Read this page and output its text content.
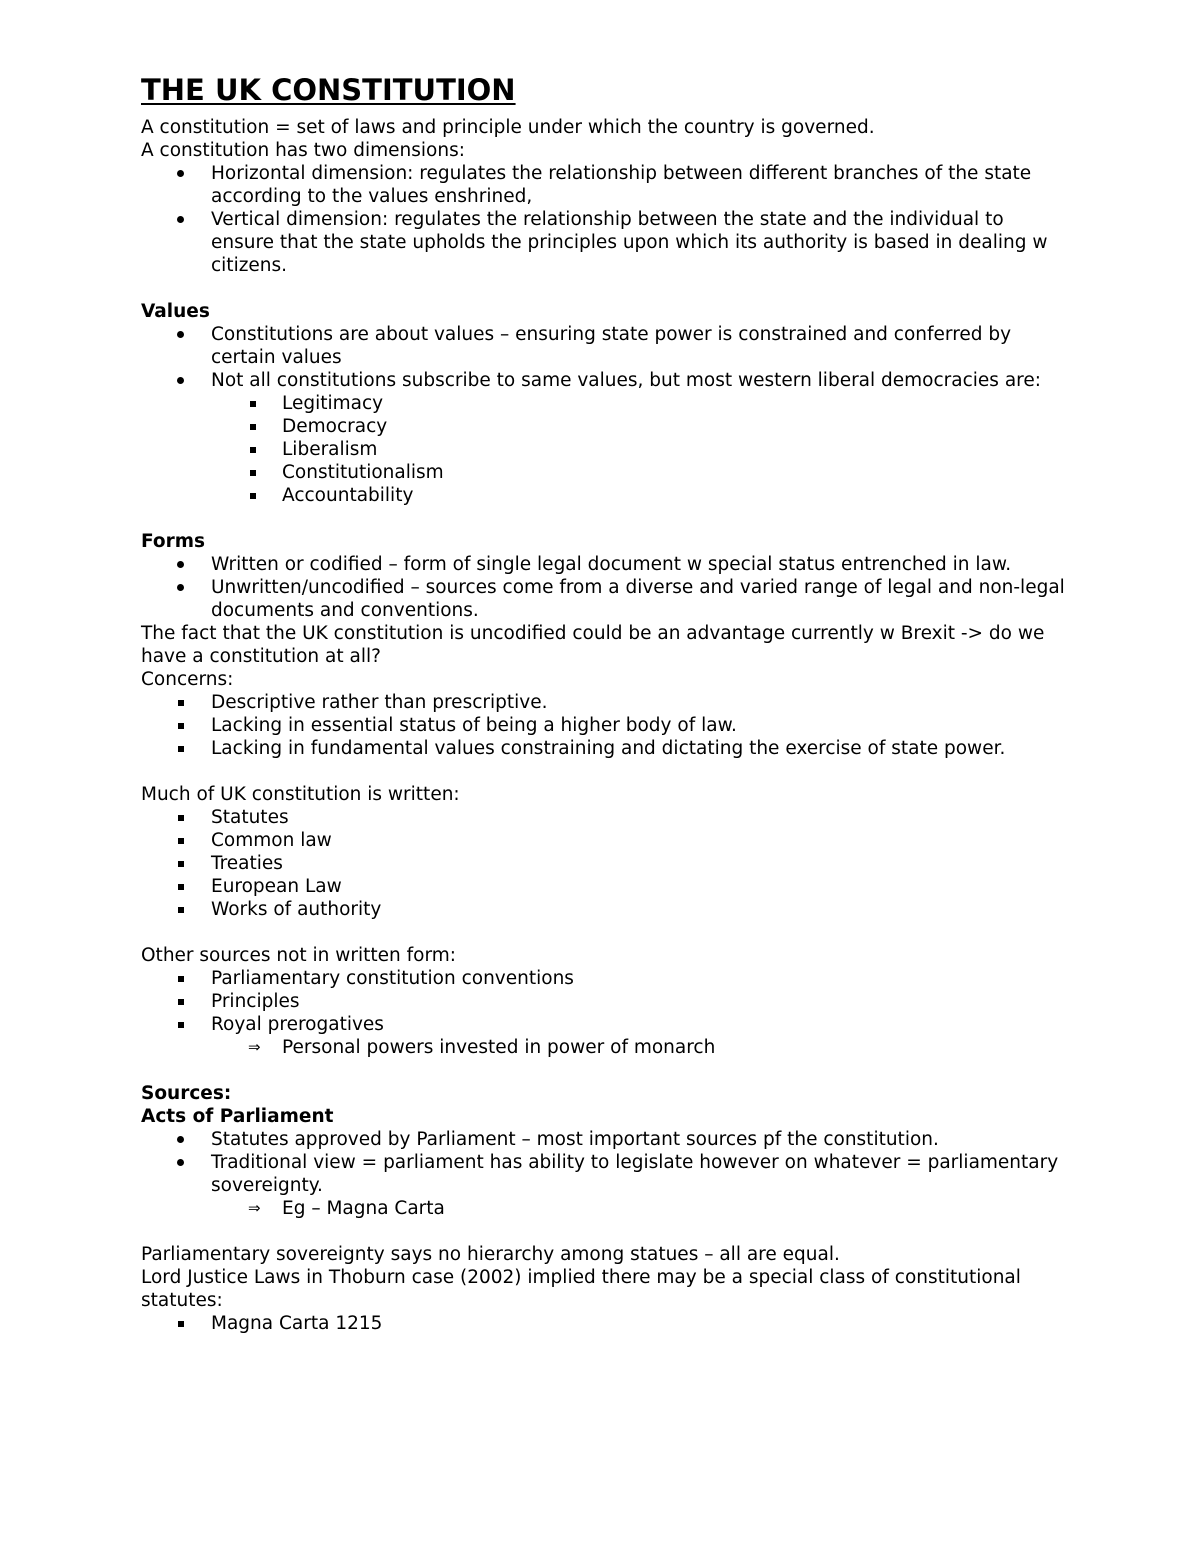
THE UK CONSTITUTION

A constitution = set of laws and principle under which the country is governed.

A constitution has two dimensions:

Horizontal dimension: regulates the relationship between different branches of the state according to the values enshrined,
Vertical dimension: regulates the relationship between the state and the individual to ensure that the state upholds the principles upon which its authority is based in dealing w citizens.

Values

Constitutions are about values – ensuring state power is constrained and conferred by certain values
Not all constitutions subscribe to same values, but most western liberal democracies are:
Legitimacy
Democracy
Liberalism
Constitutionalism
Accountability

Forms

Written or codified – form of single legal document w special status entrenched in law.
Unwritten/uncodified – sources come from a diverse and varied range of legal and non-legal documents and conventions.

The fact that the UK constitution is uncodified could be an advantage currently w Brexit -> do we have a constitution at all?

Concerns:

Descriptive rather than prescriptive.
Lacking in essential status of being a higher body of law.
Lacking in fundamental values constraining and dictating the exercise of state power.

Much of UK constitution is written:

Statutes
Common law
Treaties
European Law
Works of authority

Other sources not in written form:

Parliamentary constitution conventions
Principles
Royal prerogatives
⇒ Personal powers invested in power of monarch

Sources:

Acts of Parliament

Statutes approved by Parliament – most important sources pf the constitution.
Traditional view = parliament has ability to legislate however on whatever = parliamentary sovereignty.
⇒ Eg – Magna Carta

Parliamentary sovereignty says no hierarchy among statues – all are equal.

Lord Justice Laws in Thoburn case (2002) implied there may be a special class of constitutional statutes:

Magna Carta 1215
